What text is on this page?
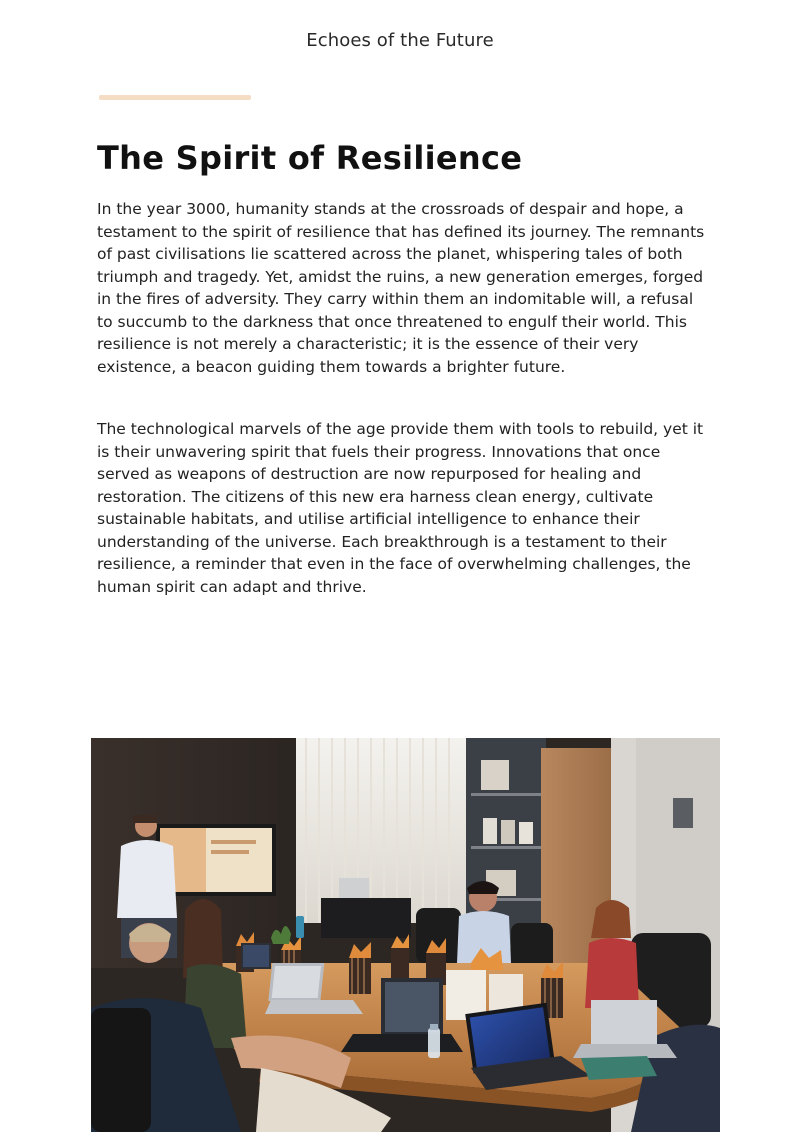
Echoes of the Future
The Spirit of Resilience

In the year 3000, humanity stands at the crossroads of despair and hope, a testament to the spirit of resilience that has defined its journey. The remnants of past civilisations lie scattered across the planet, whispering tales of both triumph and tragedy. Yet, amidst the ruins, a new generation emerges, forged in the fires of adversity. They carry within them an indomitable will, a refusal to succumb to the darkness that once threatened to engulf their world. This resilience is not merely a characteristic; it is the essence of their very existence, a beacon guiding them towards a brighter future.

The technological marvels of the age provide them with tools to rebuild, yet it is their unwavering spirit that fuels their progress. Innovations that once served as weapons of destruction are now repurposed for healing and restoration. The citizens of this new era harness clean energy, cultivate sustainable habitats, and utilise artificial intelligence to enhance their understanding of the universe. Each breakthrough is a testament to their resilience, a reminder that even in the face of overwhelming challenges, the human spirit can adapt and thrive.
